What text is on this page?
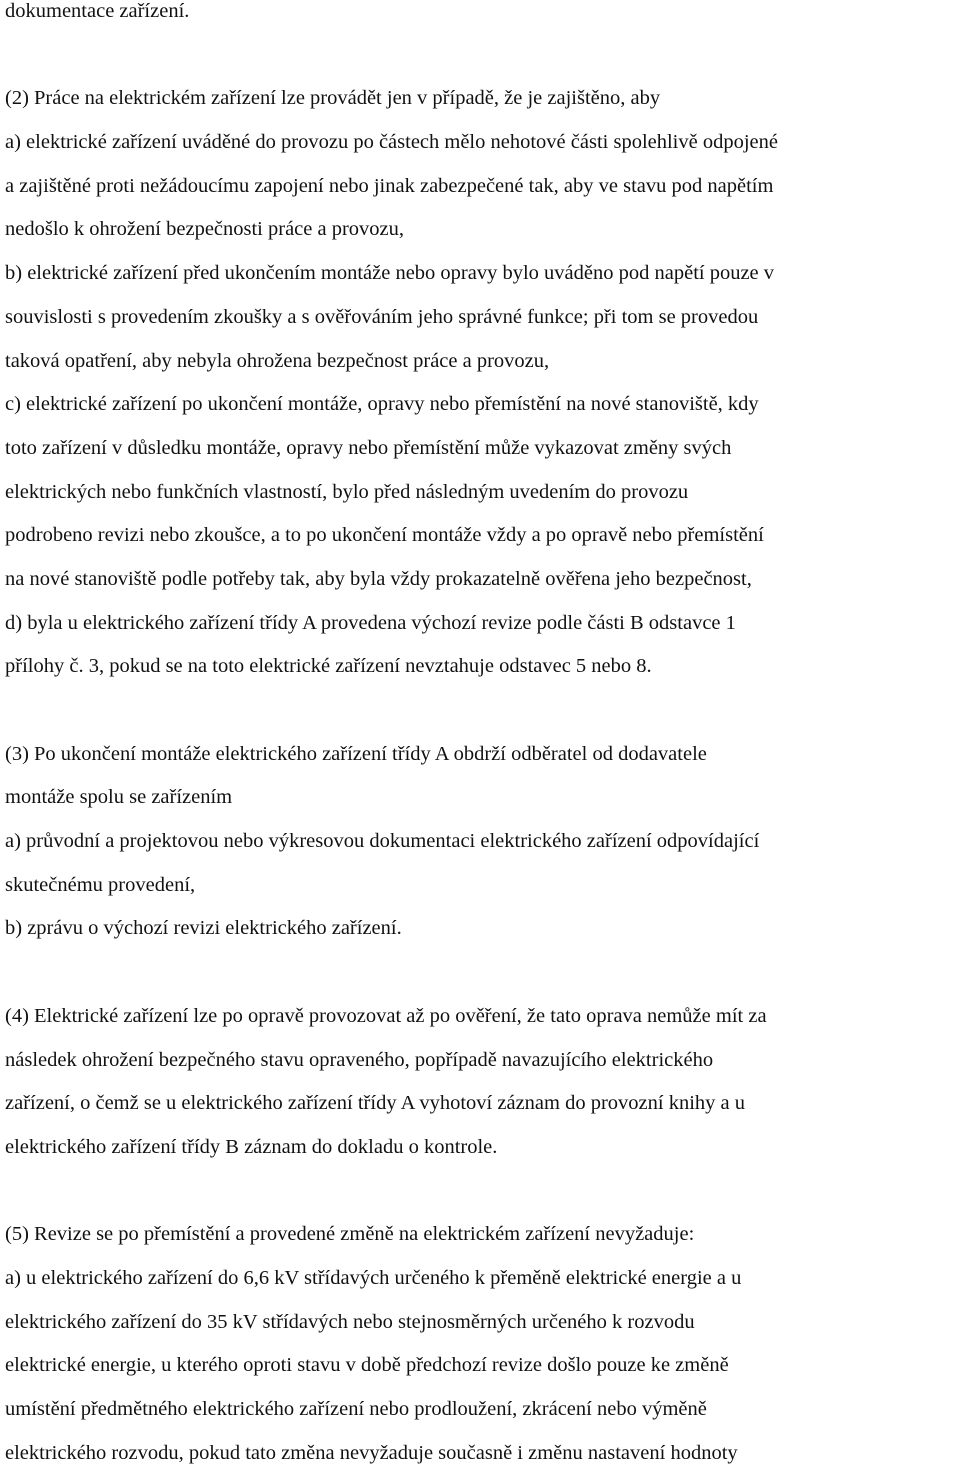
dokumentace zařízení.
(2) Práce na elektrickém zařízení lze provádět jen v případě, že je zajištěno, aby
a) elektrické zařízení uváděné do provozu po částech mělo nehotové části spolehlivě odpojené
a zajištěné proti nežádoucímu zapojení nebo jinak zabezpečené tak, aby ve stavu pod napětím
nedošlo k ohrožení bezpečnosti práce a provozu,
b) elektrické zařízení před ukončením montáže nebo opravy bylo uváděno pod napětí pouze v
souvislosti s provedením zkoušky a s ověřováním jeho správné funkce; při tom se provedou
taková opatření, aby nebyla ohrožena bezpečnost práce a provozu,
c) elektrické zařízení po ukončení montáže, opravy nebo přemístění na nové stanoviště, kdy
toto zařízení v důsledku montáže, opravy nebo přemístění může vykazovat změny svých
elektrických nebo funkčních vlastností, bylo před následným uvedením do provozu
podrobeno revizi nebo zkoušce, a to po ukončení montáže vždy a po opravě nebo přemístění
na nové stanoviště podle potřeby tak, aby byla vždy prokazatelně ověřena jeho bezpečnost,
d) byla u elektrického zařízení třídy A provedena výchozí revize podle části B odstavce 1
přílohy č. 3, pokud se na toto elektrické zařízení nevztahuje odstavec 5 nebo 8.
(3) Po ukončení montáže elektrického zařízení třídy A obdrží odběratel od dodavatele
montáže spolu se zařízením
a) průvodní a projektovou nebo výkresovou dokumentaci elektrického zařízení odpovídající
skutečnému provedení,
b) zprávu o výchozí revizi elektrického zařízení.
(4) Elektrické zařízení lze po opravě provozovat až po ověření, že tato oprava nemůže mít za
následek ohrožení bezpečného stavu opraveného, popřípadě navazujícího elektrického
zařízení, o čemž se u elektrického zařízení třídy A vyhotoví záznam do provozní knihy a u
elektrického zařízení třídy B záznam do dokladu o kontrole.
(5) Revize se po přemístění a provedené změně na elektrickém zařízení nevyžaduje:
a) u elektrického zařízení do 6,6 kV střídavých určeného k přeměně elektrické energie a u
elektrického zařízení do 35 kV střídavých nebo stejnosměrných určeného k rozvodu
elektrické energie, u kterého oproti stavu v době předchozí revize došlo pouze ke změně
umístění předmětného elektrického zařízení nebo prodloužení, zkrácení nebo výměně
elektrického rozvodu, pokud tato změna nevyžaduje současně i změnu nastavení hodnoty
